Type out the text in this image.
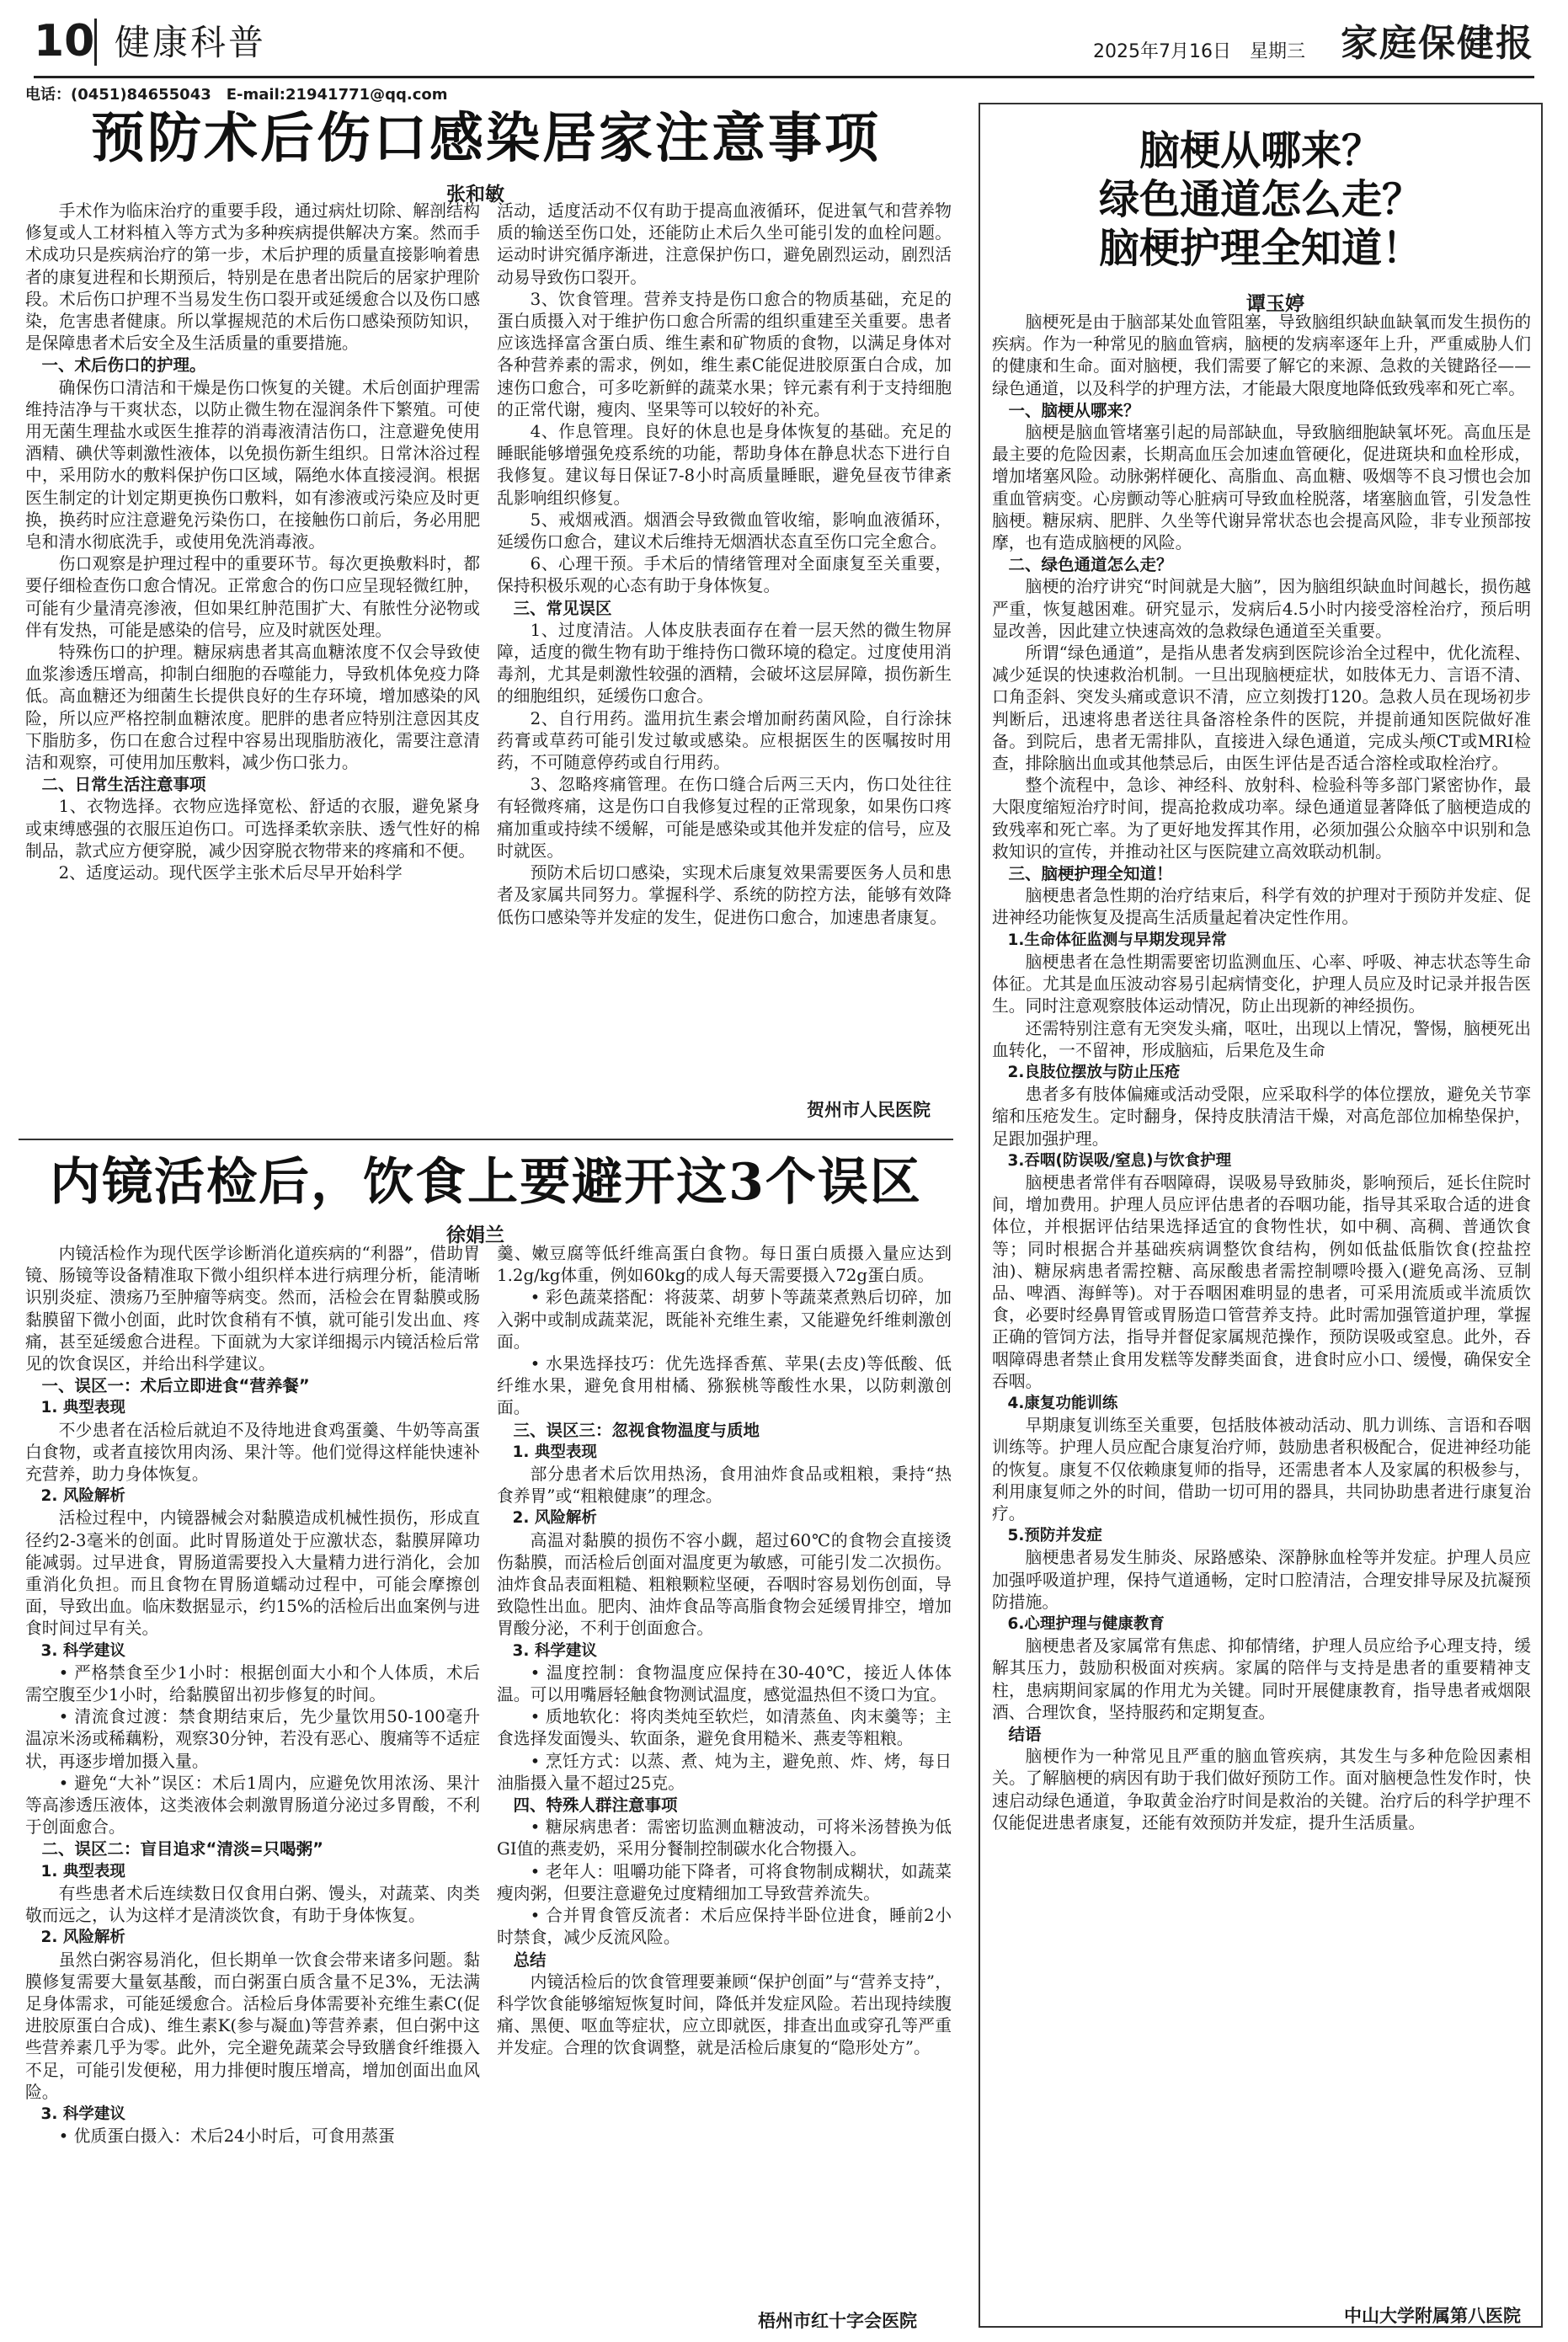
10 健康科普	2025年7月16日　星期三 家庭保健报
电话：(0451)84655043　E-mail:21941771@qq.com
预防术后伤口感染居家注意事项
张和敏

手术作为临床治疗的重要手段，通过病灶切除、解剖结构修复或人工材料植入等方式为多种疾病提供解决方案。然而手术成功只是疾病治疗的第一步，术后护理的质量直接影响着患者的康复进程和长期预后，特别是在患者出院后的居家护理阶段。术后伤口护理不当易发生伤口裂开或延缓愈合以及伤口感染，危害患者健康。所以掌握规范的术后伤口感染预防知识，是保障患者术后安全及生活质量的重要措施。

一、术后伤口的护理。

确保伤口清洁和干燥是伤口恢复的关键。术后创面护理需维持洁净与干爽状态，以防止微生物在湿润条件下繁殖。可使用无菌生理盐水或医生推荐的消毒液清洁伤口，注意避免使用酒精、碘伏等刺激性液体，以免损伤新生组织。日常沐浴过程中，采用防水的敷料保护伤口区域，隔绝水体直接浸润。根据医生制定的计划定期更换伤口敷料，如有渗液或污染应及时更换，换药时应注意避免污染伤口，在接触伤口前后，务必用肥皂和清水彻底洗手，或使用免洗消毒液。

伤口观察是护理过程中的重要环节。每次更换敷料时，都要仔细检查伤口愈合情况。正常愈合的伤口应呈现轻微红肿，可能有少量清亮渗液，但如果红肿范围扩大、有脓性分泌物或伴有发热，可能是感染的信号，应及时就医处理。

特殊伤口的护理。糖尿病患者其高血糖浓度不仅会导致使血浆渗透压增高，抑制白细胞的吞噬能力，导致机体免疫力降低。高血糖还为细菌生长提供良好的生存环境，增加感染的风险，所以应严格控制血糖浓度。肥胖的患者应特别注意因其皮下脂肪多，伤口在愈合过程中容易出现脂肪液化，需要注意清洁和观察，可使用加压敷料，减少伤口张力。

二、日常生活注意事项

1、衣物选择。衣物应选择宽松、舒适的衣服，避免紧身或束缚感强的衣服压迫伤口。可选择柔软亲肤、透气性好的棉制品，款式应方便穿脱，减少因穿脱衣物带来的疼痛和不便。

2、适度运动。现代医学主张术后尽早开始科学

活动，适度活动不仅有助于提高血液循环，促进氧气和营养物质的输送至伤口处，还能防止术后久坐可能引发的血栓问题。运动时讲究循序渐进，注意保护伤口，避免剧烈运动，剧烈活动易导致伤口裂开。

3、饮食管理。营养支持是伤口愈合的物质基础，充足的蛋白质摄入对于维护伤口愈合所需的组织重建至关重要。患者应该选择富含蛋白质、维生素和矿物质的食物，以满足身体对各种营养素的需求，例如，维生素C能促进胶原蛋白合成，加速伤口愈合，可多吃新鲜的蔬菜水果；锌元素有利于支持细胞的正常代谢，瘦肉、坚果等可以较好的补充。

4、作息管理。良好的休息也是身体恢复的基础。充足的睡眠能够增强免疫系统的功能，帮助身体在静息状态下进行自我修复。建议每日保证7-8小时高质量睡眠，避免昼夜节律紊乱影响组织修复。

5、戒烟戒酒。烟酒会导致微血管收缩，影响血液循环，延缓伤口愈合，建议术后维持无烟酒状态直至伤口完全愈合。

6、心理干预。手术后的情绪管理对全面康复至关重要，保持积极乐观的心态有助于身体恢复。

三、常见误区

1、过度清洁。人体皮肤表面存在着一层天然的微生物屏障，适度的微生物有助于维持伤口微环境的稳定。过度使用消毒剂，尤其是刺激性较强的酒精，会破坏这层屏障，损伤新生的细胞组织，延缓伤口愈合。

2、自行用药。滥用抗生素会增加耐药菌风险，自行涂抹药膏或草药可能引发过敏或感染。应根据医生的医嘱按时用药，不可随意停药或自行用药。

3、忽略疼痛管理。在伤口缝合后两三天内，伤口处往往有轻微疼痛，这是伤口自我修复过程的正常现象，如果伤口疼痛加重或持续不缓解，可能是感染或其他并发症的信号，应及时就医。

预防术后切口感染，实现术后康复效果需要医务人员和患者及家属共同努力。掌握科学、系统的防控方法，能够有效降低伤口感染等并发症的发生，促进伤口愈合，加速患者康复。

贺州市人民医院
内镜活检后，饮食上要避开这3个误区
徐娟兰

内镜活检作为现代医学诊断消化道疾病的“利器”，借助胃镜、肠镜等设备精准取下微小组织样本进行病理分析，能清晰识别炎症、溃疡乃至肿瘤等病变。然而，活检会在胃黏膜或肠黏膜留下微小创面，此时饮食稍有不慎，就可能引发出血、疼痛，甚至延缓愈合进程。下面就为大家详细揭示内镜活检后常见的饮食误区，并给出科学建议。

一、误区一：术后立即进食“营养餐”

1. 典型表现

不少患者在活检后就迫不及待地进食鸡蛋羹、牛奶等高蛋白食物，或者直接饮用肉汤、果汁等。他们觉得这样能快速补充营养，助力身体恢复。

2. 风险解析

活检过程中，内镜器械会对黏膜造成机械性损伤，形成直径约2-3毫米的创面。此时胃肠道处于应激状态，黏膜屏障功能减弱。过早进食，胃肠道需要投入大量精力进行消化，会加重消化负担。而且食物在胃肠道蠕动过程中，可能会摩擦创面，导致出血。临床数据显示，约15%的活检后出血案例与进食时间过早有关。

3. 科学建议

• 严格禁食至少1小时：根据创面大小和个人体质，术后需空腹至少1小时，给黏膜留出初步修复的时间。

• 清流食过渡：禁食期结束后，先少量饮用50-100毫升温凉米汤或稀藕粉，观察30分钟，若没有恶心、腹痛等不适症状，再逐步增加摄入量。

• 避免“大补”误区：术后1周内，应避免饮用浓汤、果汁等高渗透压液体，这类液体会刺激胃肠道分泌过多胃酸，不利于创面愈合。

二、误区二：盲目追求“清淡=只喝粥”

1. 典型表现

有些患者术后连续数日仅食用白粥、馒头，对蔬菜、肉类敬而远之，认为这样才是清淡饮食，有助于身体恢复。

2. 风险解析

虽然白粥容易消化，但长期单一饮食会带来诸多问题。黏膜修复需要大量氨基酸，而白粥蛋白质含量不足3%，无法满足身体需求，可能延缓愈合。活检后身体需要补充维生素C(促进胶原蛋白合成)、维生素K(参与凝血)等营养素，但白粥中这些营养素几乎为零。此外，完全避免蔬菜会导致膳食纤维摄入不足，可能引发便秘，用力排便时腹压增高，增加创面出血风险。

3. 科学建议

• 优质蛋白摄入：术后24小时后，可食用蒸蛋

羹、嫩豆腐等低纤维高蛋白食物。每日蛋白质摄入量应达到1.2g/kg体重，例如60kg的成人每天需要摄入72g蛋白质。

• 彩色蔬菜搭配：将菠菜、胡萝卜等蔬菜煮熟后切碎，加入粥中或制成蔬菜泥，既能补充维生素，又能避免纤维刺激创面。

• 水果选择技巧：优先选择香蕉、苹果(去皮)等低酸、低纤维水果，避免食用柑橘、猕猴桃等酸性水果，以防刺激创面。

三、误区三：忽视食物温度与质地

1. 典型表现

部分患者术后饮用热汤，食用油炸食品或粗粮，秉持“热食养胃”或“粗粮健康”的理念。

2. 风险解析

高温对黏膜的损伤不容小觑，超过60℃的食物会直接烫伤黏膜，而活检后创面对温度更为敏感，可能引发二次损伤。油炸食品表面粗糙、粗粮颗粒坚硬，吞咽时容易划伤创面，导致隐性出血。肥肉、油炸食品等高脂食物会延缓胃排空，增加胃酸分泌，不利于创面愈合。

3. 科学建议

• 温度控制：食物温度应保持在30-40℃，接近人体体温。可以用嘴唇轻触食物测试温度，感觉温热但不烫口为宜。

• 质地软化：将肉类炖至软烂，如清蒸鱼、肉末羹等；主食选择发面馒头、软面条，避免食用糙米、燕麦等粗粮。

• 烹饪方式：以蒸、煮、炖为主，避免煎、炸、烤，每日油脂摄入量不超过25克。

四、特殊人群注意事项

• 糖尿病患者：需密切监测血糖波动，可将米汤替换为低GI值的燕麦奶，采用分餐制控制碳水化合物摄入。

• 老年人：咀嚼功能下降者，可将食物制成糊状，如蔬菜瘦肉粥，但要注意避免过度精细加工导致营养流失。

• 合并胃食管反流者：术后应保持半卧位进食，睡前2小时禁食，减少反流风险。

总结

内镜活检后的饮食管理要兼顾“保护创面”与“营养支持”，科学饮食能够缩短恢复时间，降低并发症风险。若出现持续腹痛、黑便、呕血等症状，应立即就医，排查出血或穿孔等严重并发症。合理的饮食调整，就是活检后康复的“隐形处方”。

梧州市红十字会医院
脑梗从哪来？
绿色通道怎么走？
脑梗护理全知道！
谭玉婷

脑梗死是由于脑部某处血管阻塞，导致脑组织缺血缺氧而发生损伤的疾病。作为一种常见的脑血管病，脑梗的发病率逐年上升，严重威胁人们的健康和生命。面对脑梗，我们需要了解它的来源、急救的关键路径——绿色通道，以及科学的护理方法，才能最大限度地降低致残率和死亡率。

一、脑梗从哪来？

脑梗是脑血管堵塞引起的局部缺血，导致脑细胞缺氧坏死。高血压是最主要的危险因素，长期高血压会加速血管硬化，促进斑块和血栓形成，增加堵塞风险。动脉粥样硬化、高脂血、高血糖、吸烟等不良习惯也会加重血管病变。心房颤动等心脏病可导致血栓脱落，堵塞脑血管，引发急性脑梗。糖尿病、肥胖、久坐等代谢异常状态也会提高风险，非专业预部按摩，也有造成脑梗的风险。

二、绿色通道怎么走？

脑梗的治疗讲究“时间就是大脑”，因为脑组织缺血时间越长，损伤越严重，恢复越困难。研究显示，发病后4.5小时内接受溶栓治疗，预后明显改善，因此建立快速高效的急救绿色通道至关重要。

所谓“绿色通道”，是指从患者发病到医院诊治全过程中，优化流程、减少延误的快速救治机制。一旦出现脑梗症状，如肢体无力、言语不清、口角歪斜、突发头痛或意识不清，应立刻拨打120。急救人员在现场初步判断后，迅速将患者送往具备溶栓条件的医院，并提前通知医院做好准备。到院后，患者无需排队，直接进入绿色通道，完成头颅CT或MRI检查，排除脑出血或其他禁忌后，由医生评估是否适合溶栓或取栓治疗。

整个流程中，急诊、神经科、放射科、检验科等多部门紧密协作，最大限度缩短治疗时间，提高抢救成功率。绿色通道显著降低了脑梗造成的致残率和死亡率。为了更好地发挥其作用，必须加强公众脑卒中识别和急救知识的宣传，并推动社区与医院建立高效联动机制。

三、脑梗护理全知道！

脑梗患者急性期的治疗结束后，科学有效的护理对于预防并发症、促进神经功能恢复及提高生活质量起着决定性作用。

1.生命体征监测与早期发现异常

脑梗患者在急性期需要密切监测血压、心率、呼吸、神志状态等生命体征。尤其是血压波动容易引起病情变化，护理人员应及时记录并报告医生。同时注意观察肢体运动情况，防止出现新的神经损伤。

还需特别注意有无突发头痛，呕吐，出现以上情况，警惕，脑梗死出血转化，一不留神，形成脑疝，后果危及生命

2.良肢位摆放与防止压疮

患者多有肢体偏瘫或活动受限，应采取科学的体位摆放，避免关节挛缩和压疮发生。定时翻身，保持皮肤清洁干燥，对高危部位加棉垫保护，足跟加强护理。

3.吞咽(防误吸/窒息)与饮食护理

脑梗患者常伴有吞咽障碍，误吸易导致肺炎，影响预后，延长住院时间，增加费用。护理人员应评估患者的吞咽功能，指导其采取合适的进食体位，并根据评估结果选择适宜的食物性状，如中稠、高稠、普通饮食等；同时根据合并基础疾病调整饮食结构，例如低盐低脂饮食(控盐控油)、糖尿病患者需控糖、高尿酸患者需控制嘌呤摄入(避免高汤、豆制品、啤酒、海鲜等)。对于吞咽困难明显的患者，可采用流质或半流质饮食，必要时经鼻胃管或胃肠造口管营养支持。此时需加强管道护理，掌握正确的管饲方法，指导并督促家属规范操作，预防误吸或窒息。此外，吞咽障碍患者禁止食用发糕等发酵类面食，进食时应小口、缓慢，确保安全吞咽。

4.康复功能训练

早期康复训练至关重要，包括肢体被动活动、肌力训练、言语和吞咽训练等。护理人员应配合康复治疗师，鼓励患者积极配合，促进神经功能的恢复。康复不仅依赖康复师的指导，还需患者本人及家属的积极参与，利用康复师之外的时间，借助一切可用的器具，共同协助患者进行康复治疗。

5.预防并发症

脑梗患者易发生肺炎、尿路感染、深静脉血栓等并发症。护理人员应加强呼吸道护理，保持气道通畅，定时口腔清洁，合理安排导尿及抗凝预防措施。

6.心理护理与健康教育

脑梗患者及家属常有焦虑、抑郁情绪，护理人员应给予心理支持，缓解其压力，鼓励积极面对疾病。家属的陪伴与支持是患者的重要精神支柱，患病期间家属的作用尤为关键。同时开展健康教育，指导患者戒烟限酒、合理饮食，坚持服药和定期复查。

结语

脑梗作为一种常见且严重的脑血管疾病，其发生与多种危险因素相关。了解脑梗的病因有助于我们做好预防工作。面对脑梗急性发作时，快速启动绿色通道，争取黄金治疗时间是救治的关键。治疗后的科学护理不仅能促进患者康复，还能有效预防并发症，提升生活质量。

中山大学附属第八医院
